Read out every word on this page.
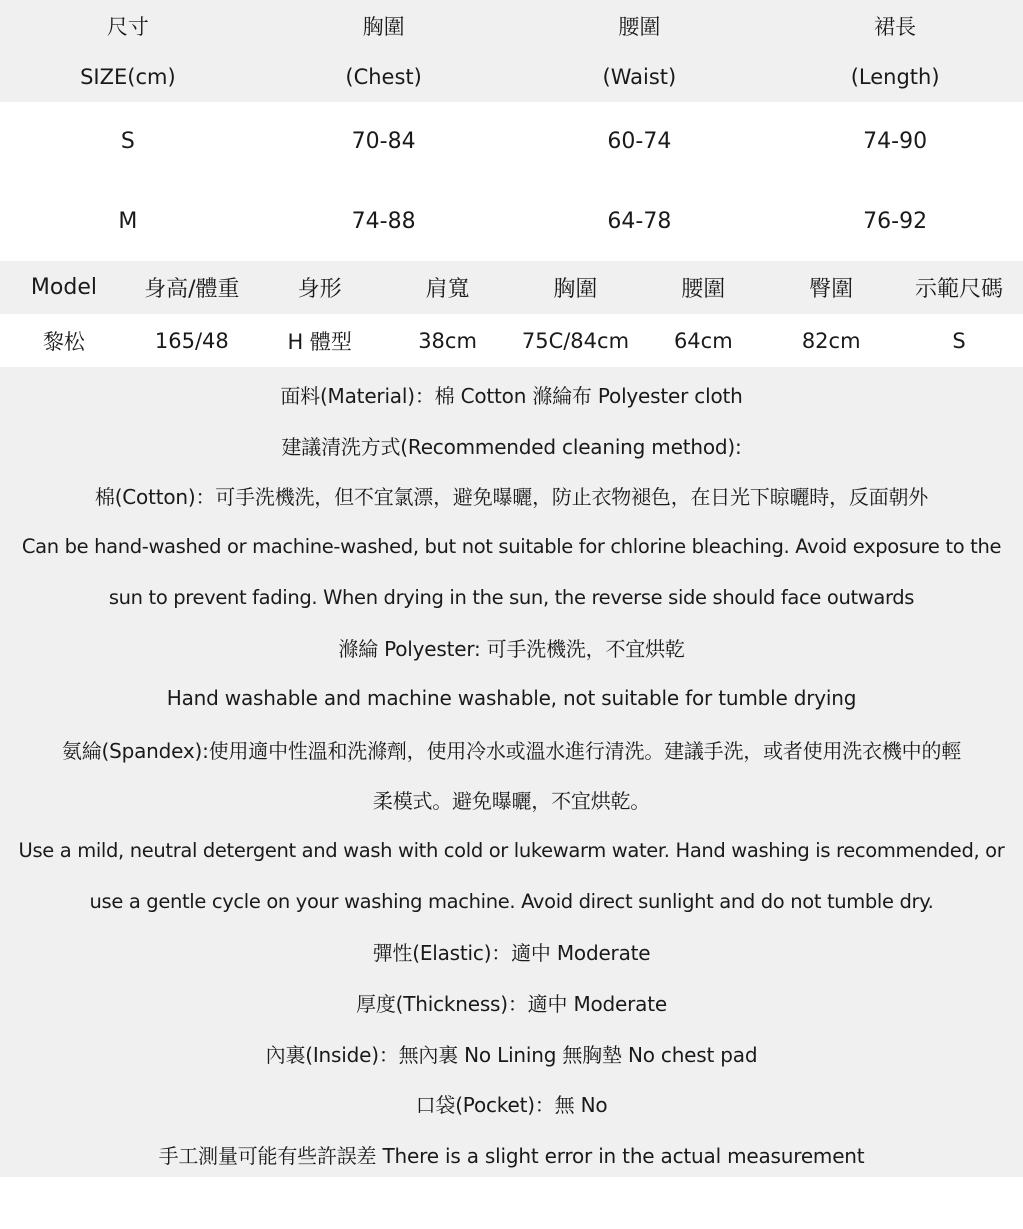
尺寸	胸圍	腰圍	裙長
SIZE(cm)	(Chest)	(Waist)	(Length)
S	70-84	60-74	74-90
M	74-88	64-78	76-92
Model	身高/體重	身形	肩寬	胸圍	腰圍	臀圍	示範尺碼
黎松	165/48	H 體型	38cm	75C/84cm	64cm	82cm	S
面料(Material)：棉 Cotton 滌綸布 Polyester cloth
建議清洗方式(Recommended cleaning method):
棉(Cotton)：可手洗機洗，但不宜氯漂，避免曝曬，防止衣物褪色，在日光下晾曬時，反面朝外
Can be hand-washed or machine-washed, but not suitable for chlorine bleaching. Avoid exposure to the
sun to prevent fading. When drying in the sun, the reverse side should face outwards
滌綸 Polyester: 可手洗機洗，不宜烘乾
Hand washable and machine washable, not suitable for tumble drying
氨綸(Spandex):使用適中性溫和洗滌劑，使用冷水或溫水進行清洗。建議手洗，或者使用洗衣機中的輕
柔模式。避免曝曬，不宜烘乾。
Use a mild, neutral detergent and wash with cold or lukewarm water. Hand washing is recommended, or
use a gentle cycle on your washing machine. Avoid direct sunlight and do not tumble dry.
彈性(Elastic)：適中 Moderate
厚度(Thickness)：適中 Moderate
內裏(Inside)：無內裏 No Lining 無胸墊 No chest pad
口袋(Pocket)：無 No
手工測量可能有些許誤差 There is a slight error in the actual measurement
